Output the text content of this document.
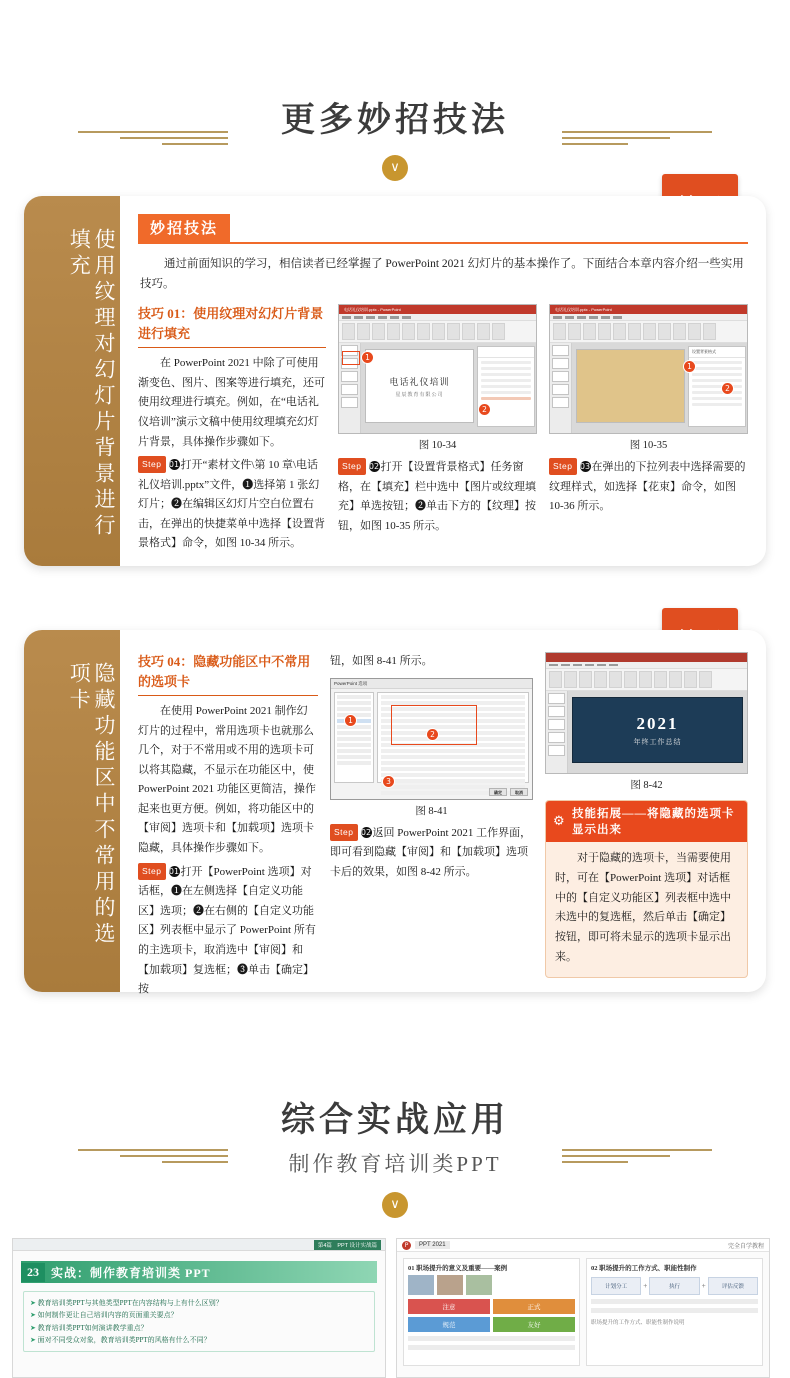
更多妙招技法
∨
使用纹理对幻灯片背景进行填充	妙招技法
通过前面知识的学习，相信读者已经掌握了 PowerPoint 2021 幻灯片的基本操作了。下面结合本章内容介绍一些实用技巧。
技巧 01：使用纹理对幻灯片背景进行填充

在 PowerPoint 2021 中除了可使用渐变色、图片、图案等进行填充，还可使用纹理进行填充。例如，在“电话礼仪培训”演示文稿中使用纹理填充幻灯片背景，具体操作步骤如下。

Step 01打开“素材文件\第 10 章\电话礼仪培训.pptx”文件，❶选择第 1 张幻灯片；❷在编辑区幻灯片空白位置右击，在弹出的快捷菜单中选择【设置背景格式】命令，如图 10-34 所示。

电话礼仪培训.pptx - PowerPoint
电话礼仪培训
星辰教育有限公司

1
2
图 10-34

Step 02打开【设置背景格式】任务窗格，在【填充】栏中选中【图片或纹理填充】单选按钮；❷单击下方的【纹理】按钮，如图 10-35 所示。

电话礼仪培训.pptx - PowerPoint
设置背景格式
1
2
图 10-35

Step 03在弹出的下拉列表中选择需要的纹理样式，如选择【花束】命令，如图 10-36 所示。

隐藏功能区中不常用的选项卡
技巧 04：隐藏功能区中不常用的选项卡

在使用 PowerPoint 2021 制作幻灯片的过程中，常用选项卡也就那么几个，对于不常用或不用的选项卡可以将其隐藏，不显示在功能区中，使 PowerPoint 2021 功能区更简洁，操作起来也更方便。例如，将功能区中的【审阅】选项卡和【加载项】选项卡隐藏，具体操作步骤如下。

Step 01打开【PowerPoint 选项】对话框，❶在左侧选择【自定义功能区】选项；❷在右侧的【自定义功能区】列表框中显示了 PowerPoint 所有的主选项卡，取消选中【审阅】和【加载项】复选框；❸单击【确定】按

钮，如图 8-41 所示。

PowerPoint 选项
确定	取消
1
2
3
图 8-41

Step 02返回 PowerPoint 2021 工作界面，即可看到隐藏【审阅】和【加载项】选项卡后的效果，如图 8-42 所示。

2021
年终工作总结
图 8-42
⚙ 技能拓展——将隐藏的选项卡显示出来
对于隐藏的选项卡，当需要使用时，可在【PowerPoint 选项】对话框中的【自定义功能区】列表框中选中未选中的复选框，然后单击【确定】按钮，即可将未显示的选项卡显示出来。
综合实战应用
制作教育培训类PPT
∨
第4篇　PPT 设计实战篇
23	实战：制作教育培训类 PPT
➤ 教育培训类PPT与其他类型PPT在内容结构与上有什么区别？
➤ 如何制作更让自己培训内容的页面重关要点？
➤ 教育培训类PPT如何演讲教学重点？
➤ 面对不同受众对象，教育培训类PPT的风格有什么不同？
P	PPT 2021	完全自学教程
01 职场提升的意义及重要——案例
注意	正式
规范	友好
02 职场提升的工作方式、职能性制作
计划分工	+	执行	+	评估反馈
职场提升的工作方式、职能性制作说明
